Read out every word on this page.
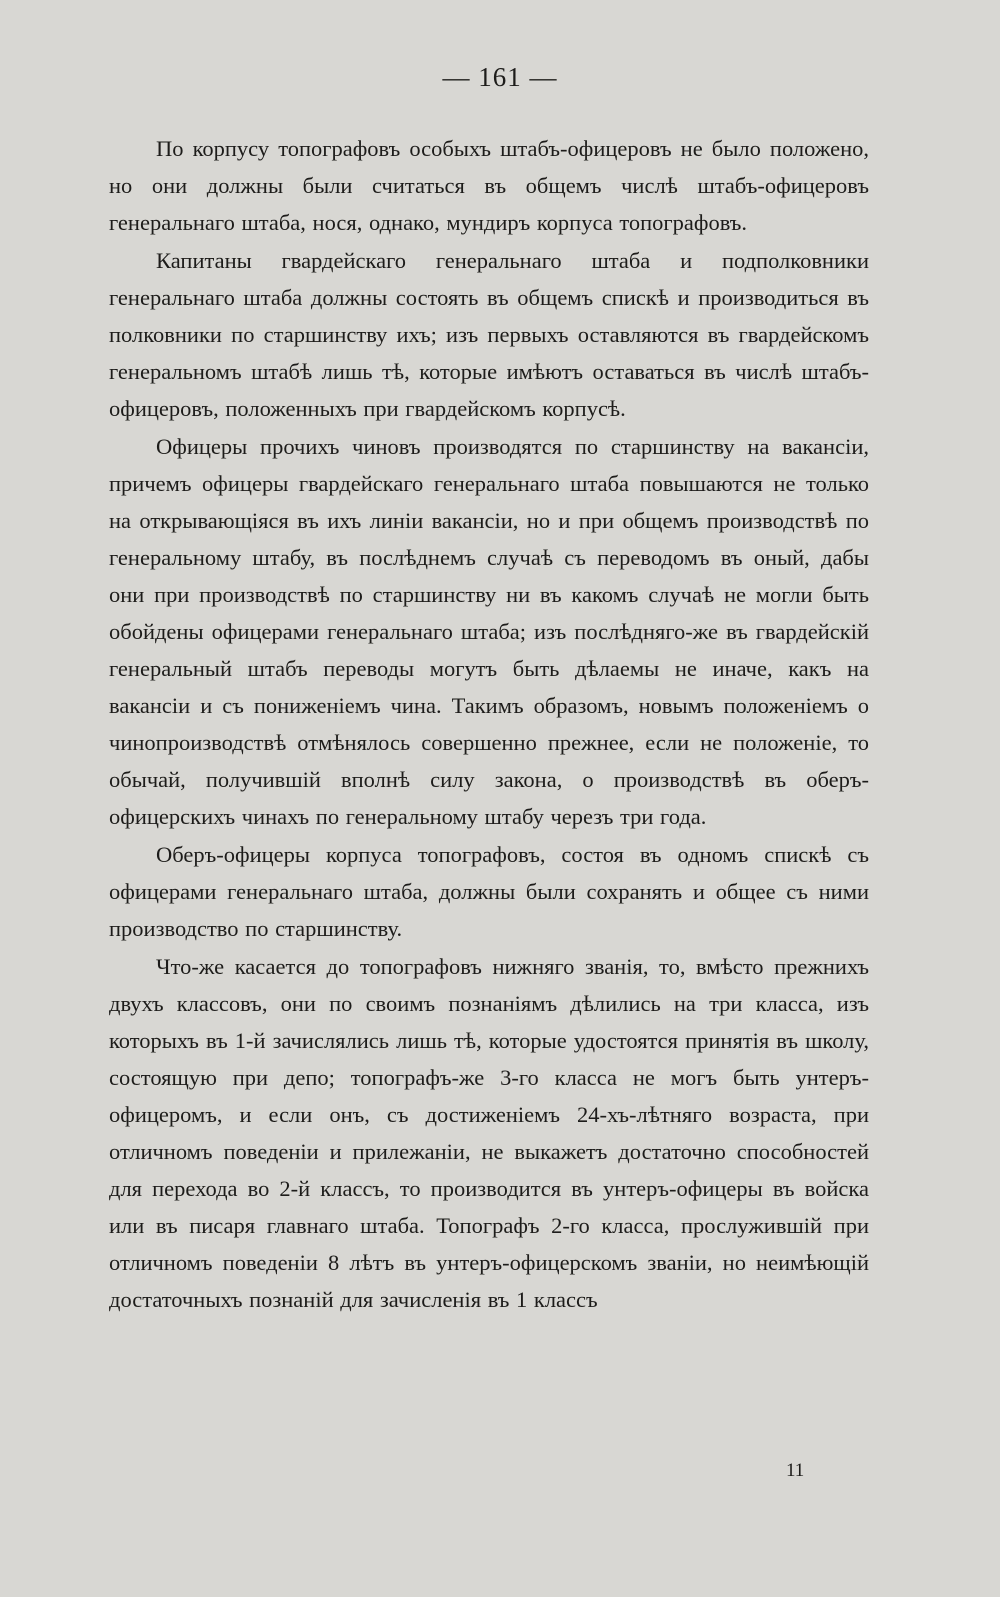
— 161 —

По корпусу топографовъ особыхъ штабъ-офицеровъ не было положено, но они должны были считаться въ общемъ числѣ штабъ-офицеровъ генеральнаго штаба, нося, однако, мундиръ корпуса топографовъ.

Капитаны гвардейскаго генеральнаго штаба и подполковники генеральнаго штаба должны состоять въ общемъ спискѣ и производиться въ полковники по старшинству ихъ; изъ первыхъ оставляются въ гвардейскомъ генеральномъ штабѣ лишь тѣ, которые имѣютъ оставаться въ числѣ штабъ-офицеровъ, положенныхъ при гвардейскомъ корпусѣ.

Офицеры прочихъ чиновъ производятся по старшинству на вакансіи, причемъ офицеры гвардейскаго генеральнаго штаба повышаются не только на открывающіяся въ ихъ линіи вакансіи, но и при общемъ производствѣ по генеральному штабу, въ послѣднемъ случаѣ съ переводомъ въ оный, дабы они при производствѣ по старшинству ни въ какомъ случаѣ не могли быть обойдены офицерами генеральнаго штаба; изъ послѣдняго-же въ гвардейскій генеральный штабъ переводы могутъ быть дѣлаемы не иначе, какъ на вакансіи и съ пониженіемъ чина. Такимъ образомъ, новымъ положеніемъ о чинопроизводствѣ отмѣнялось совершенно прежнее, если не положеніе, то обычай, получившій вполнѣ силу закона, о производствѣ въ оберъ-офицерскихъ чинахъ по генеральному штабу черезъ три года.

Оберъ-офицеры корпуса топографовъ, состоя въ одномъ спискѣ съ офицерами генеральнаго штаба, должны были сохранять и общее съ ними производство по старшинству.

Что-же касается до топографовъ нижняго званія, то, вмѣсто прежнихъ двухъ классовъ, они по своимъ познаніямъ дѣлились на три класса, изъ которыхъ въ 1-й зачислялись лишь тѣ, которые удостоятся принятія въ школу, состоящую при депо; топографъ-же 3-го класса не могъ быть унтеръ-офицеромъ, и если онъ, съ достиженіемъ 24-хъ-лѣтняго возраста, при отличномъ поведеніи и прилежаніи, не выкажетъ достаточно способностей для перехода во 2-й классъ, то производится въ унтеръ-офицеры въ войска или въ писаря главнаго штаба. Топографъ 2-го класса, прослужившій при отличномъ поведеніи 8 лѣтъ въ унтеръ-офицерскомъ званіи, но неимѣющій достаточныхъ познаній для зачисленія въ 1 классъ

11
